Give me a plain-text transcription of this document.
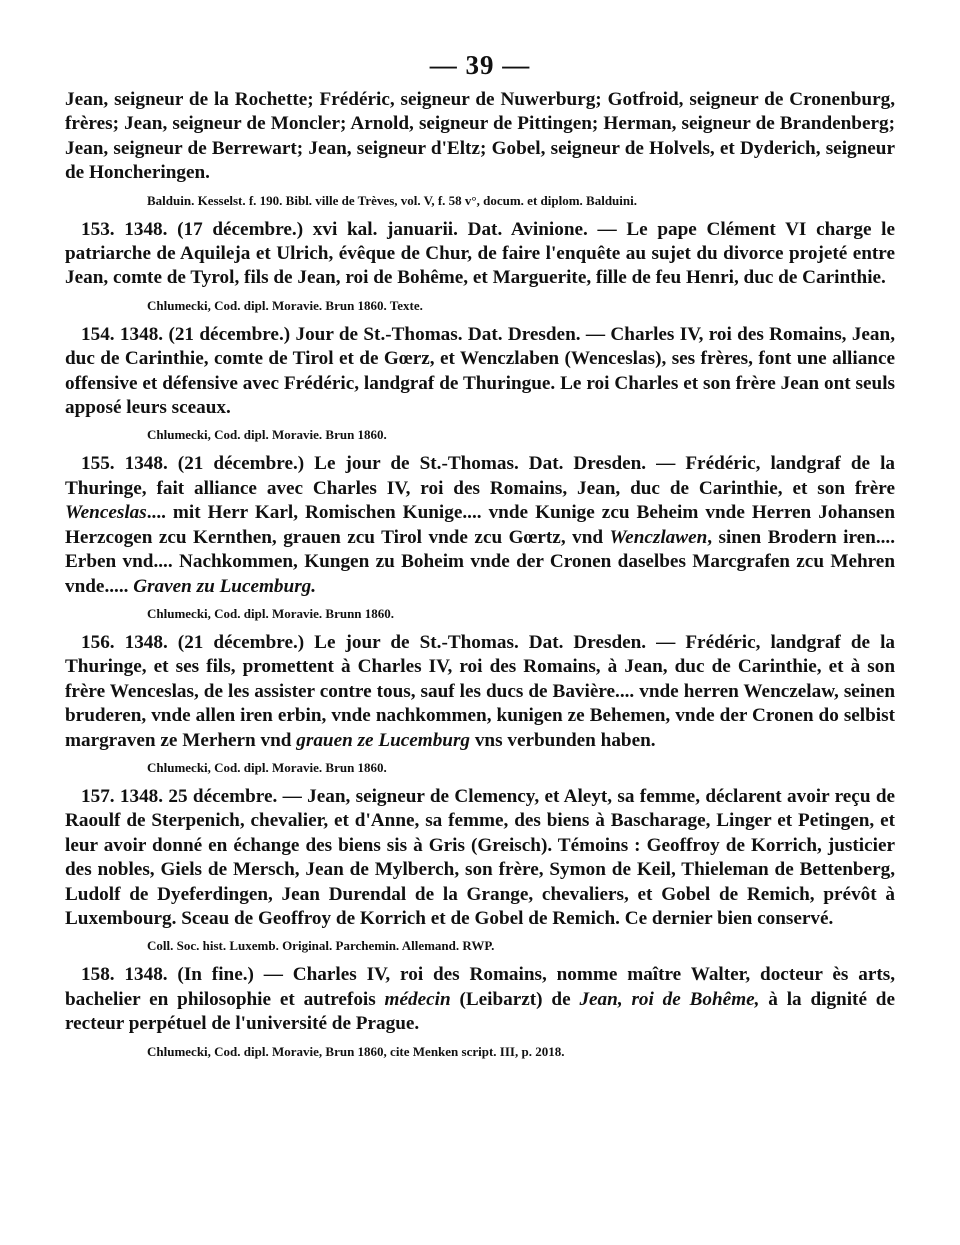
— 39 —

Jean, seigneur de la Rochette; Frédéric, seigneur de Nuwerburg; Gotfroid, seigneur de Cronenburg, frères; Jean, seigneur de Moncler; Arnold, seigneur de Pittingen; Herman, seigneur de Brandenberg; Jean, seigneur de Berrewart; Jean, seigneur d'Eltz; Gobel, seigneur de Holvels, et Dyderich, seigneur de Honcheringen.

Balduin. Kesselst. f. 190. Bibl. ville de Trèves, vol. V, f. 58 v°, docum. et diplom. Balduini.

153. 1348. (17 décembre.) xvi kal. januarii. Dat. Avinione. — Le pape Clément VI charge le patriarche de Aquileja et Ulrich, évêque de Chur, de faire l'enquête au sujet du divorce projeté entre Jean, comte de Tyrol, fils de Jean, roi de Bohême, et Marguerite, fille de feu Henri, duc de Carinthie.

Chlumecki, Cod. dipl. Moravie. Brun 1860. Texte.

154. 1348. (21 décembre.) Jour de St.-Thomas. Dat. Dresden. — Charles IV, roi des Romains, Jean, duc de Carinthie, comte de Tirol et de Gœrz, et Wenczlaben (Wenceslas), ses frères, font une alliance offensive et défensive avec Frédéric, landgraf de Thuringue. Le roi Charles et son frère Jean ont seuls apposé leurs sceaux.

Chlumecki, Cod. dipl. Moravie. Brun 1860.

155. 1348. (21 décembre.) Le jour de St.-Thomas. Dat. Dresden. — Frédéric, landgraf de la Thuringe, fait alliance avec Charles IV, roi des Romains, Jean, duc de Carinthie, et son frère Wenceslas.... mit Herr Karl, Romischen Kunige.... vnde Kunige zcu Beheim vnde Herren Johansen Herzcogen zcu Kernthen, grauen zcu Tirol vnde zcu Gœrtz, vnd Wenczlawen, sinen Brodern iren.... Erben vnd.... Nachkommen, Kungen zu Boheim vnde der Cronen daselbes Marcgrafen zcu Mehren vnde..... Graven zu Lucemburg.

Chlumecki, Cod. dipl. Moravie. Brunn 1860.

156. 1348. (21 décembre.) Le jour de St.-Thomas. Dat. Dresden. — Frédéric, landgraf de la Thuringe, et ses fils, promettent à Charles IV, roi des Romains, à Jean, duc de Carinthie, et à son frère Wenceslas, de les assister contre tous, sauf les ducs de Bavière.... vnde herren Wenczelaw, seinen bruderen, vnde allen iren erbin, vnde nachkommen, kunigen ze Behemen, vnde der Cronen do selbist margraven ze Merhern vnd grauen ze Lucemburg vns verbunden haben.

Chlumecki, Cod. dipl. Moravie. Brun 1860.

157. 1348. 25 décembre. — Jean, seigneur de Clemency, et Aleyt, sa femme, déclarent avoir reçu de Raoulf de Sterpenich, chevalier, et d'Anne, sa femme, des biens à Bascharage, Linger et Petingen, et leur avoir donné en échange des biens sis à Gris (Greisch). Témoins : Geoffroy de Korrich, justicier des nobles, Giels de Mersch, Jean de Mylberch, son frère, Symon de Keil, Thieleman de Bettenberg, Ludolf de Dyeferdingen, Jean Durendal de la Grange, chevaliers, et Gobel de Remich, prévôt à Luxembourg. Sceau de Geoffroy de Korrich et de Gobel de Remich. Ce dernier bien conservé.

Coll. Soc. hist. Luxemb. Original. Parchemin. Allemand. RWP.

158. 1348. (In fine.) — Charles IV, roi des Romains, nomme maître Walter, docteur ès arts, bachelier en philosophie et autrefois médecin (Leibarzt) de Jean, roi de Bohême, à la dignité de recteur perpétuel de l'université de Prague.

Chlumecki, Cod. dipl. Moravie, Brun 1860, cite Menken script. III, p. 2018.
